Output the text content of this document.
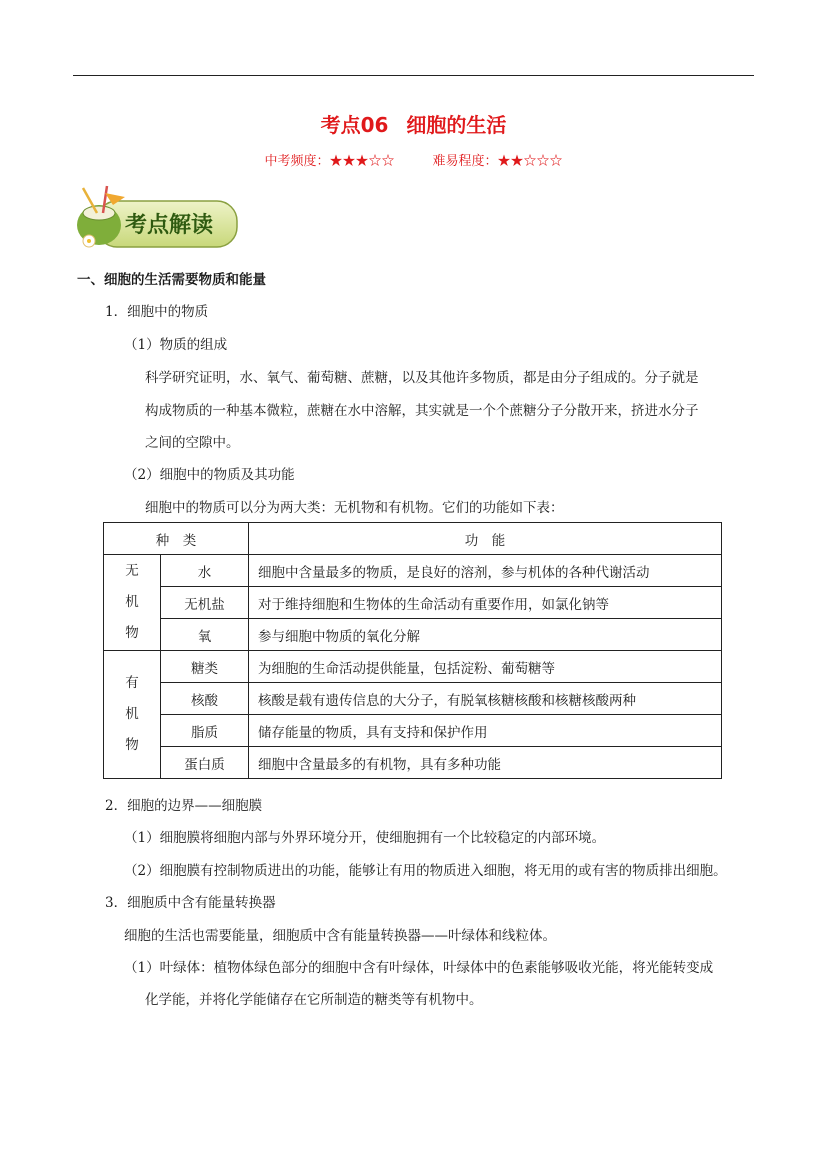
考点06 细胞的生活
中考频度：★★★☆☆	难易程度：★★☆☆☆
考点解读
一、细胞的生活需要物质和能量
1．细胞中的物质
（1）物质的组成
科学研究证明，水、氧气、葡萄糖、蔗糖，以及其他许多物质，都是由分子组成的。分子就是
构成物质的一种基本微粒，蔗糖在水中溶解，其实就是一个个蔗糖分子分散开来，挤进水分子
之间的空隙中。
（2）细胞中的物质及其功能
细胞中的物质可以分为两大类：无机物和有机物。它们的功能如下表：
种　类		功　能

无
机
物	水	细胞中含量最多的物质，是良好的溶剂，参与机体的各种代谢活动
	无机盐	对于维持细胞和生物体的生命活动有重要作用，如氯化钠等
	氧	参与细胞中物质的氧化分解

有
机
物	糖类	为细胞的生命活动提供能量，包括淀粉、葡萄糖等
	核酸	核酸是载有遗传信息的大分子，有脱氧核糖核酸和核糖核酸两种
	脂质	储存能量的物质，具有支持和保护作用
	蛋白质	细胞中含量最多的有机物，具有多种功能
2．细胞的边界——细胞膜
（1）细胞膜将细胞内部与外界环境分开，使细胞拥有一个比较稳定的内部环境。
（2）细胞膜有控制物质进出的功能，能够让有用的物质进入细胞，将无用的或有害的物质排出细胞。
3．细胞质中含有能量转换器
细胞的生活也需要能量，细胞质中含有能量转换器——叶绿体和线粒体。
（1）叶绿体：植物体绿色部分的细胞中含有叶绿体，叶绿体中的色素能够吸收光能，将光能转变成
化学能，并将化学能储存在它所制造的糖类等有机物中。
